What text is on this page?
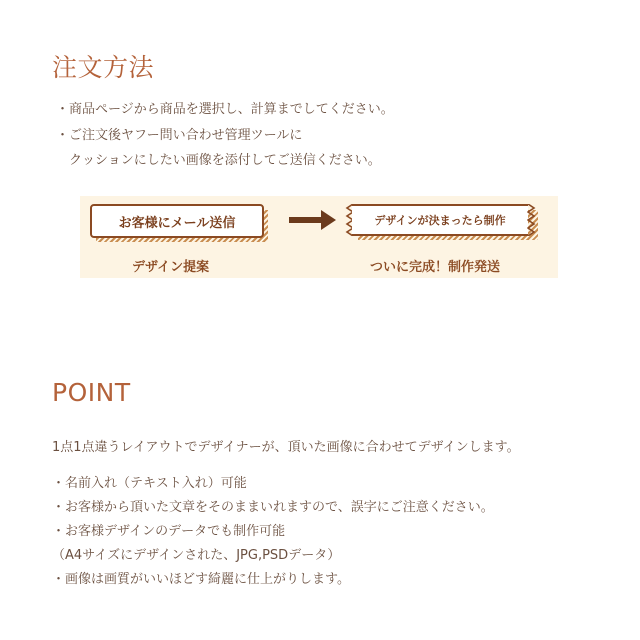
注文方法
・商品ページから商品を選択し、計算までしてください。
・ご注文後ヤフー問い合わせ管理ツールに
　クッションにしたい画像を添付してご送信ください。
お客様にメール送信	デザインが決まったら制作
デザイン提案	ついに完成！制作発送
POINT
1点1点違うレイアウトでデザイナーが、頂いた画像に合わせてデザインします。
・名前入れ（テキスト入れ）可能
・お客様から頂いた文章をそのままいれますので、誤字にご注意ください。
・お客様デザインのデータでも制作可能
（A4サイズにデザインされた、JPG,PSDデータ）
・画像は画質がいいほどす綺麗に仕上がりします。
